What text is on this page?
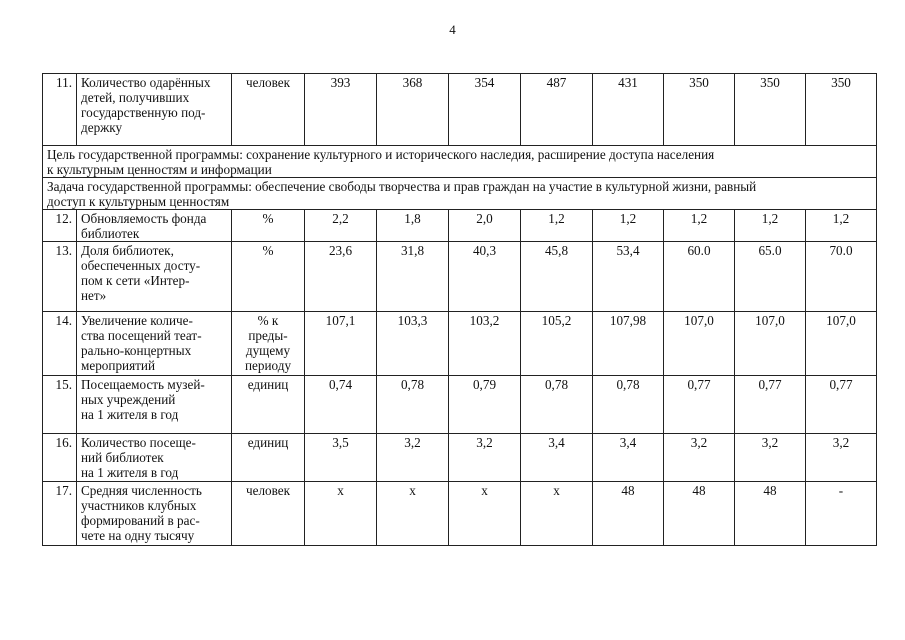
4
11.	Количество одарённых
детей, получивших
государственную под-
держку	человек	393	368	354	487	431	350	350	350
Цель государственной программы: сохранение культурного и исторического наследия, расширение доступа населения
к культурным ценностям и информации										
Задача государственной программы: обеспечение свободы творчества и прав граждан на участие в культурной жизни, равный
доступ к культурным ценностям										
12.	Обновляемость фонда
библиотек	%	2,2	1,8	2,0	1,2	1,2	1,2	1,2	1,2
13.	Доля библиотек,
обеспеченных досту-
пом к сети «Интер-
нет»	%	23,6	31,8	40,3	45,8	53,4	60.0	65.0	70.0
14.	Увеличение количе-
ства посещений теат-
рально-концертных
мероприятий	% к
преды-
дущему
периоду	107,1	103,3	103,2	105,2	107,98	107,0	107,0	107,0
15.	Посещаемость музей-
ных учреждений
на 1 жителя в год	единиц	0,74	0,78	0,79	0,78	0,78	0,77	0,77	0,77
16.	Количество посеще-
ний библиотек
на 1 жителя в год	единиц	3,5	3,2	3,2	3,4	3,4	3,2	3,2	3,2
17.	Средняя численность
участников клубных
формирований в рас-
чете на одну тысячу	человек	х	х	х	х	48	48	48	-
